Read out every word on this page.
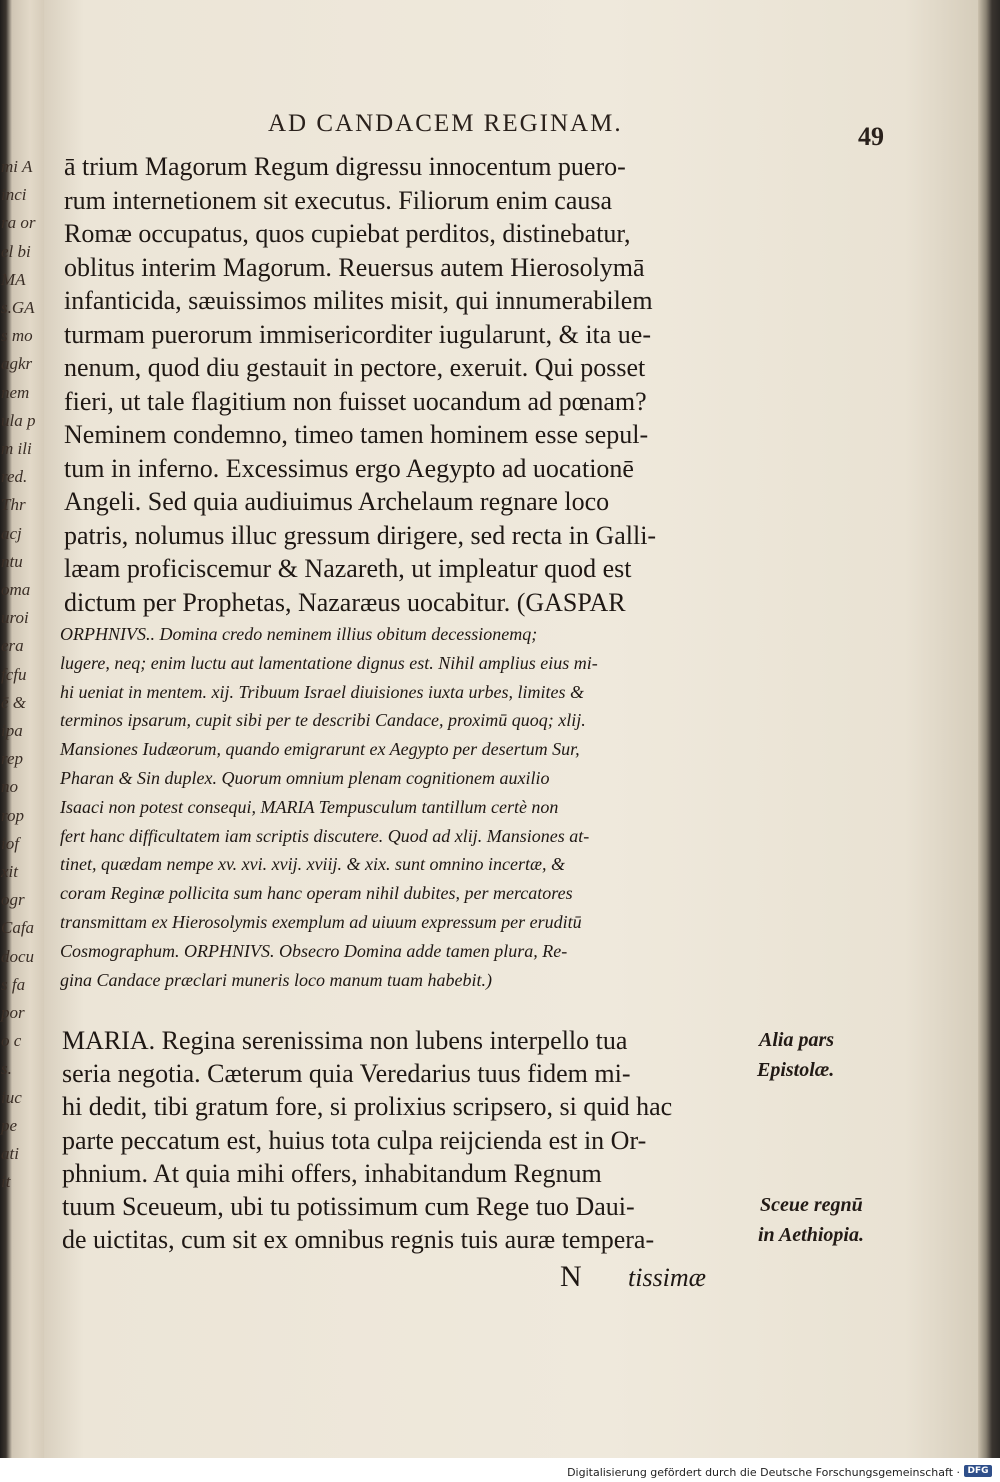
mi A
inci
ra or
el bi
MA
s.GA
s mo
agkr
nem
ula p
m ili
red.
Thr
acj
ntu
oma
uroi
era
fcfu
ē &
ipa
rep
no
rop
iof
xit
ogr
Cafa
docu
s fa
por
o c
s.
iuc
pe
ati
it
AD CANDACEM REGINAM.	49
ā trium Magorum Regum digressu innocentum puero-
rum internetionem sit executus. Filiorum enim causa
Romæ occupatus, quos cupiebat perditos, distinebatur,
oblitus interim Magorum. Reuersus autem Hierosolymā
infanticida, sæuissimos milites misit, qui innumerabilem
turmam puerorum immisericorditer iugularunt, & ita ue-
nenum, quod diu gestauit in pectore, exeruit. Qui posset
fieri, ut tale flagitium non fuisset uocandum ad pœnam?
Neminem condemno, timeo tamen hominem esse sepul-
tum in inferno. Excessimus ergo Aegypto ad uocationē
Angeli. Sed quia audiuimus Archelaum regnare loco
patris, nolumus illuc gressum dirigere, sed recta in Galli-
læam proficiscemur & Nazareth, ut impleatur quod est
dictum per Prophetas, Nazaræus uocabitur. (GASPAR
ORPHNIVS.. Domina credo neminem illius obitum decessionemq;
lugere, neq; enim luctu aut lamentatione dignus est. Nihil amplius eius mi-
hi ueniat in mentem. xij. Tribuum Israel diuisiones iuxta urbes, limites &
terminos ipsarum, cupit sibi per te describi Candace, proximū quoq; xlij.
Mansiones Iudæorum, quando emigrarunt ex Aegypto per desertum Sur,
Pharan & Sin duplex. Quorum omnium plenam cognitionem auxilio
Isaaci non potest consequi, MARIA Tempusculum tantillum certè non
fert hanc difficultatem iam scriptis discutere. Quod ad xlij. Mansiones at-
tinet, quædam nempe xv. xvi. xvij. xviij. & xix. sunt omnino incertæ, &
coram Reginæ pollicita sum hanc operam nihil dubites, per mercatores
transmittam ex Hierosolymis exemplum ad uiuum expressum per eruditū
Cosmographum. ORPHNIVS. Obsecro Domina adde tamen plura, Re-
gina Candace præclari muneris loco manum tuam habebit.)
MARIA. Regina serenissima non lubens interpello tua
seria negotia. Cæterum quia Veredarius tuus fidem mi-
hi dedit, tibi gratum fore, si prolixius scripsero, si quid hac
parte peccatum est, huius tota culpa reijcienda est in Or-
phnium. At quia mihi offers, inhabitandum Regnum
tuum Sceueum, ubi tu potissimum cum Rege tuo Daui-
de uictitas, cum sit ex omnibus regnis tuis auræ tempera-
Alia pars
Epistolæ.
Sceue regnū
in Aethiopia.
N tissimæ
Digitalisierung gefördert durch die Deutsche Forschungsgemeinschaft · DFG
